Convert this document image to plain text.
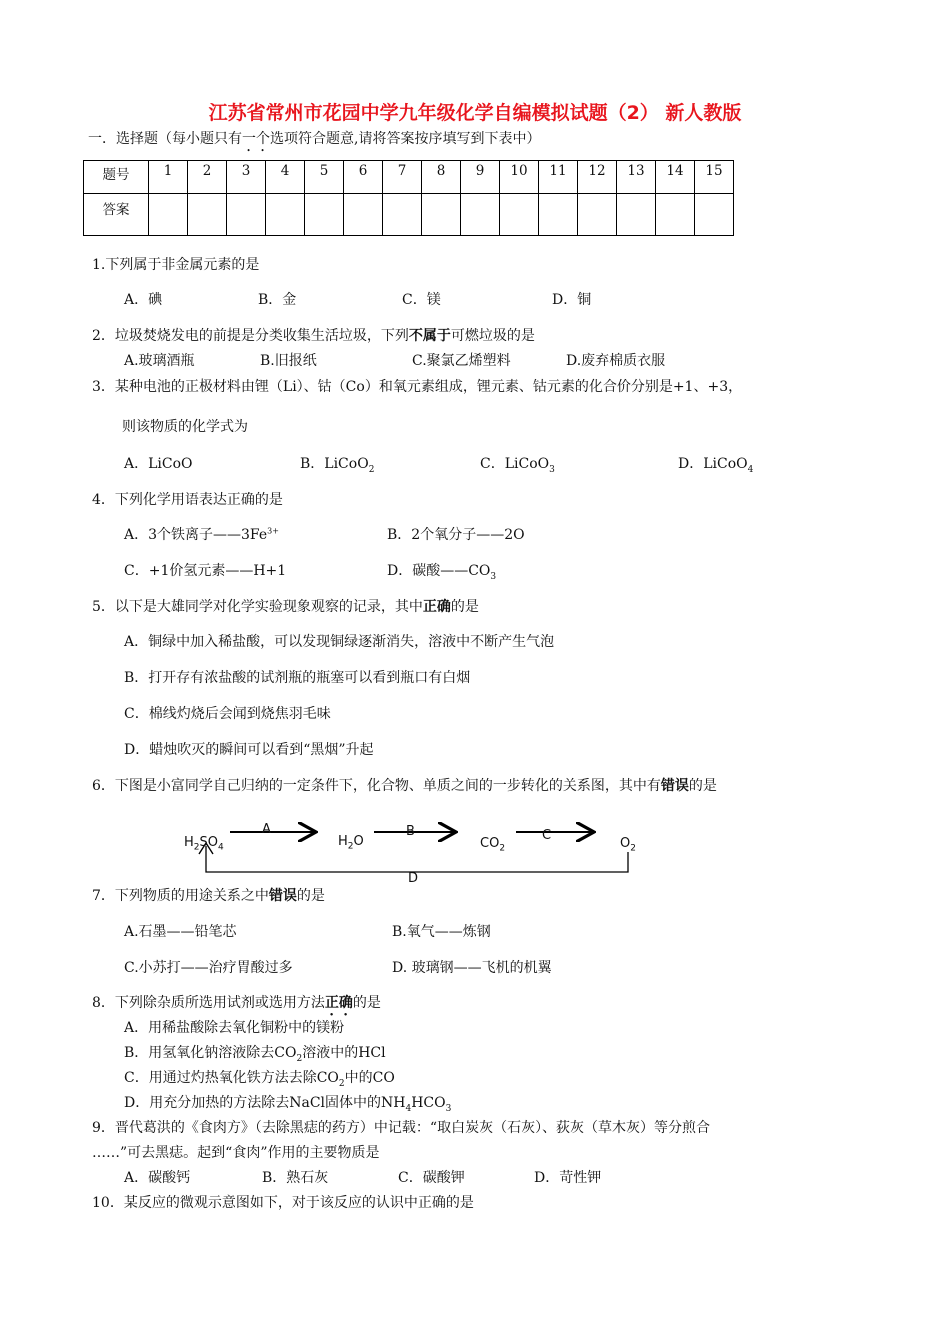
江苏省常州市花园中学九年级化学自编模拟试题（2） 新人教版
一．选择题（每小题只有一个选项符合题意,请将答案按序填写到下表中）
题号	1	2	3	4	5	6	7	8	9	10	11	12	13	14	15
答案															
1.下列属于非金属元素的是
A．碘	B．金	C．镁	D．铜
2．垃圾焚烧发电的前提是分类收集生活垃圾，下列不属于可燃垃圾的是
A.玻璃酒瓶	B.旧报纸	C.聚氯乙烯塑料	D.废弃棉质衣服
3．某种电池的正极材料由锂（Li）、钴（Co）和氧元素组成，锂元素、钴元素的化合价分别是+1、+3，
则该物质的化学式为
A．LiCoO	B．LiCoO$_2$	C．LiCoO$_3$	D．LiCoO$_4$
4．下列化学用语表达正确的是
A．3个铁离子$——3Fe^{3+}$	B．2个氧分子——2O
C．+1价氢元素——H+1	D．碳酸$——CO_3$
5．以下是大雄同学对化学实验现象观察的记录，其中正确的是
A．铜绿中加入稀盐酸，可以发现铜绿逐渐消失，溶液中不断产生气泡
B．打开存有浓盐酸的试剂瓶的瓶塞可以看到瓶口有白烟
C．棉线灼烧后会闻到烧焦羽毛味
D．蜡烛吹灭的瞬间可以看到“黑烟”升起
6．下图是小富同学自己归纳的一定条件下，化合物、单质之间的一步转化的关系图，其中有错误的是
$H_2SO_4$
A
$H_2O$
B
$CO_2$
C
$O_2$
D
7．下列物质的用途关系之中错误的是
A.石墨——铅笔芯	B.氧气——炼钢
C.小苏打——治疗胃酸过多	D. 玻璃钢——飞机的机翼
8．下列除杂质所选用试剂或选用方法正确的是
A．用稀盐酸除去氧化铜粉中的镁粉
B．用氢氧化钠溶液除去$CO_2$溶液中的HCl
C．用通过灼热氧化铁方法去除$CO_2$中的CO
D．用充分加热的方法除去NaCl固体中的$NH_4HCO_3$
9．晋代葛洪的《食肉方》（去除黑痣的药方）中记载：“取白炭灰（石灰）、荻灰（草木灰）等分煎合
……”可去黑痣。起到“食肉”作用的主要物质是
A．碳酸钙	B．熟石灰	C．碳酸钾	D．苛性钾
10．某反应的微观示意图如下，对于该反应的认识中正确的是
